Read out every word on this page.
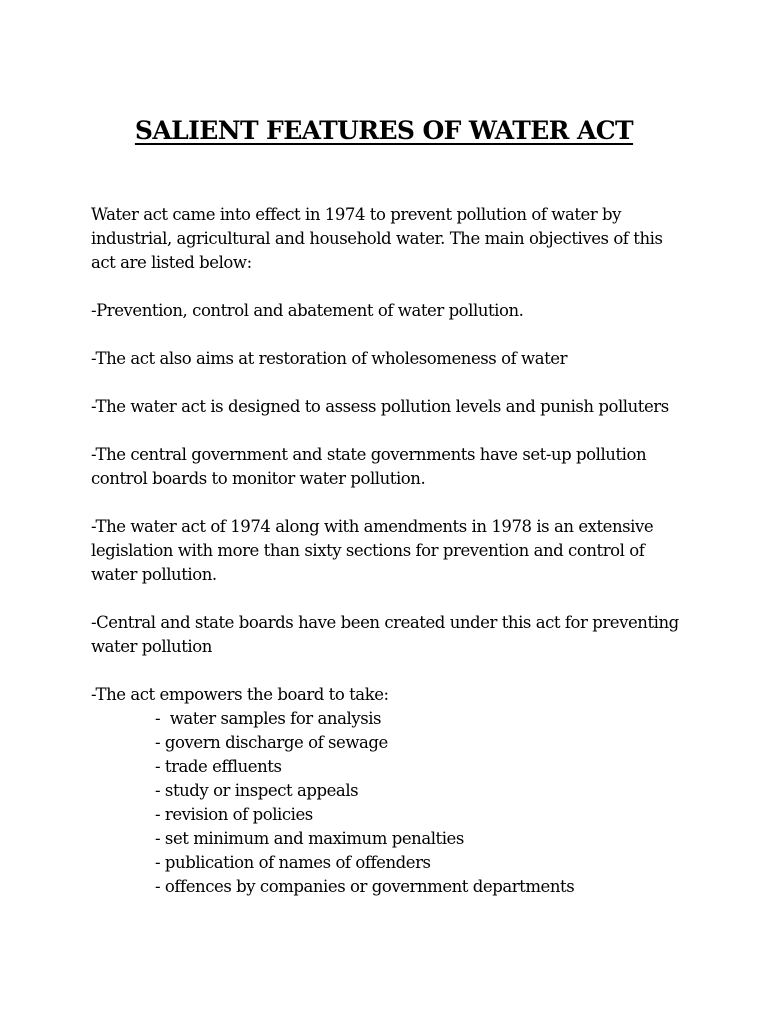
SALIENT FEATURES OF WATER ACT

Water act came into effect in 1974 to prevent pollution of water by industrial, agricultural and household water. The main objectives of this act are listed below:

-Prevention, control and abatement of water pollution.

-The act also aims at restoration of wholesomeness of water

-The water act is designed to assess pollution levels and punish polluters

-The central government and state governments have set-up pollution control boards to monitor water pollution.

-The water act of 1974 along with amendments in 1978 is an extensive legislation with more than sixty sections for prevention and control of water pollution.

-Central and state boards have been created under this act for preventing water pollution

-The act empowers the board to take:
-  water samples for analysis
- govern discharge of sewage
- trade effluents
- study or inspect appeals
- revision of policies
- set minimum and maximum penalties
- publication of names of offenders
- offences by companies or government departments
